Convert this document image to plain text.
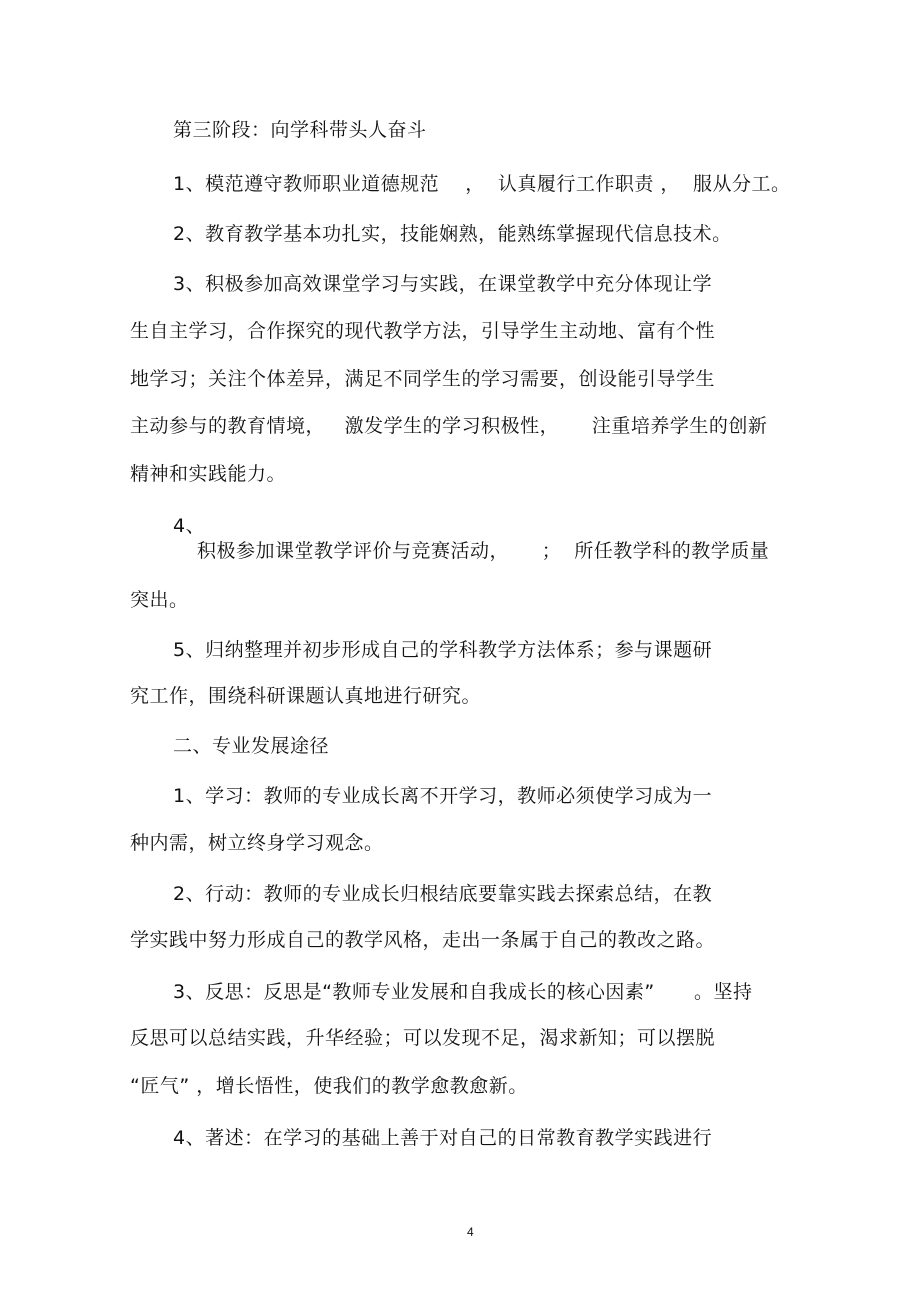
第三阶段：向学科带头人奋斗
1、模范遵守教师职业道德规范    ，  认真履行工作职责 ，  服从分工。
2、教育教学基本功扎实，技能娴熟，能熟练掌握现代信息技术。
3、积极参加高效课堂学习与实践，在课堂教学中充分体现让学
生自主学习，合作探究的现代教学方法，引导学生主动地、富有个性
地学习；关注个体差异，满足不同学生的学习需要，创设能引导学生
主动参与的教育情境，   激发学生的学习积极性，     注重培养学生的创新
精神和实践能力。
4、
积极参加课堂教学评价与竞赛活动，     ；  所任教学科的教学质量
突出。
5、归纳整理并初步形成自己的学科教学方法体系；参与课题研
究工作，围绕科研课题认真地进行研究。
二、专业发展途径
1、学习：教师的专业成长离不开学习，教师必须使学习成为一
种内需，树立终身学习观念。
2、行动：教师的专业成长归根结底要靠实践去探索总结，在教
学实践中努力形成自己的教学风格，走出一条属于自己的教改之路。
3、反思：反思是“教师专业发展和自我成长的核心因素”      。坚持
反思可以总结实践，升华经验；可以发现不足，渴求新知；可以摆脱
“匠气” ，增长悟性，使我们的教学愈教愈新。
4、著述：在学习的基础上善于对自己的日常教育教学实践进行
4
